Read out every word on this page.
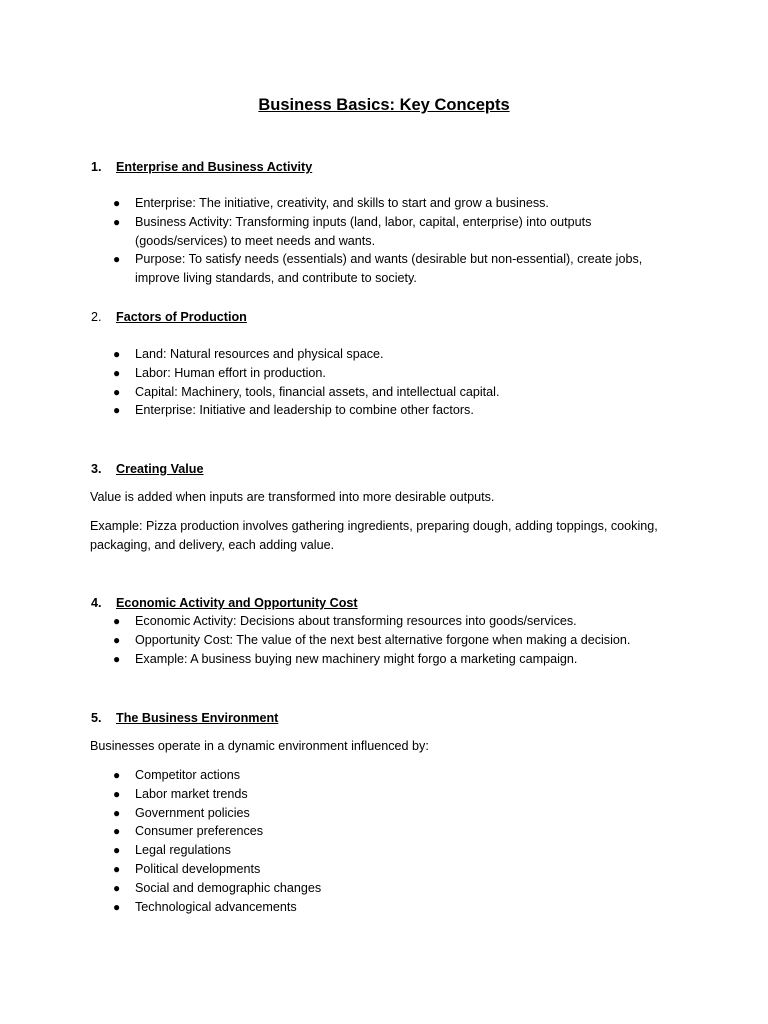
Business Basics: Key Concepts
1. Enterprise and Business Activity
● Enterprise: The initiative, creativity, and skills to start and grow a business.
● Business Activity: Transforming inputs (land, labor, capital, enterprise) into outputs (goods/services) to meet needs and wants.
● Purpose: To satisfy needs (essentials) and wants (desirable but non-essential), create jobs, improve living standards, and contribute to society.
2. Factors of Production
● Land: Natural resources and physical space.
● Labor: Human effort in production.
● Capital: Machinery, tools, financial assets, and intellectual capital.
● Enterprise: Initiative and leadership to combine other factors.
3. Creating Value
Value is added when inputs are transformed into more desirable outputs.
Example: Pizza production involves gathering ingredients, preparing dough, adding toppings, cooking, packaging, and delivery, each adding value.
4. Economic Activity and Opportunity Cost
● Economic Activity: Decisions about transforming resources into goods/services.
● Opportunity Cost: The value of the next best alternative forgone when making a decision.
● Example: A business buying new machinery might forgo a marketing campaign.
5. The Business Environment
Businesses operate in a dynamic environment influenced by:
● Competitor actions
● Labor market trends
● Government policies
● Consumer preferences
● Legal regulations
● Political developments
● Social and demographic changes
● Technological advancements
